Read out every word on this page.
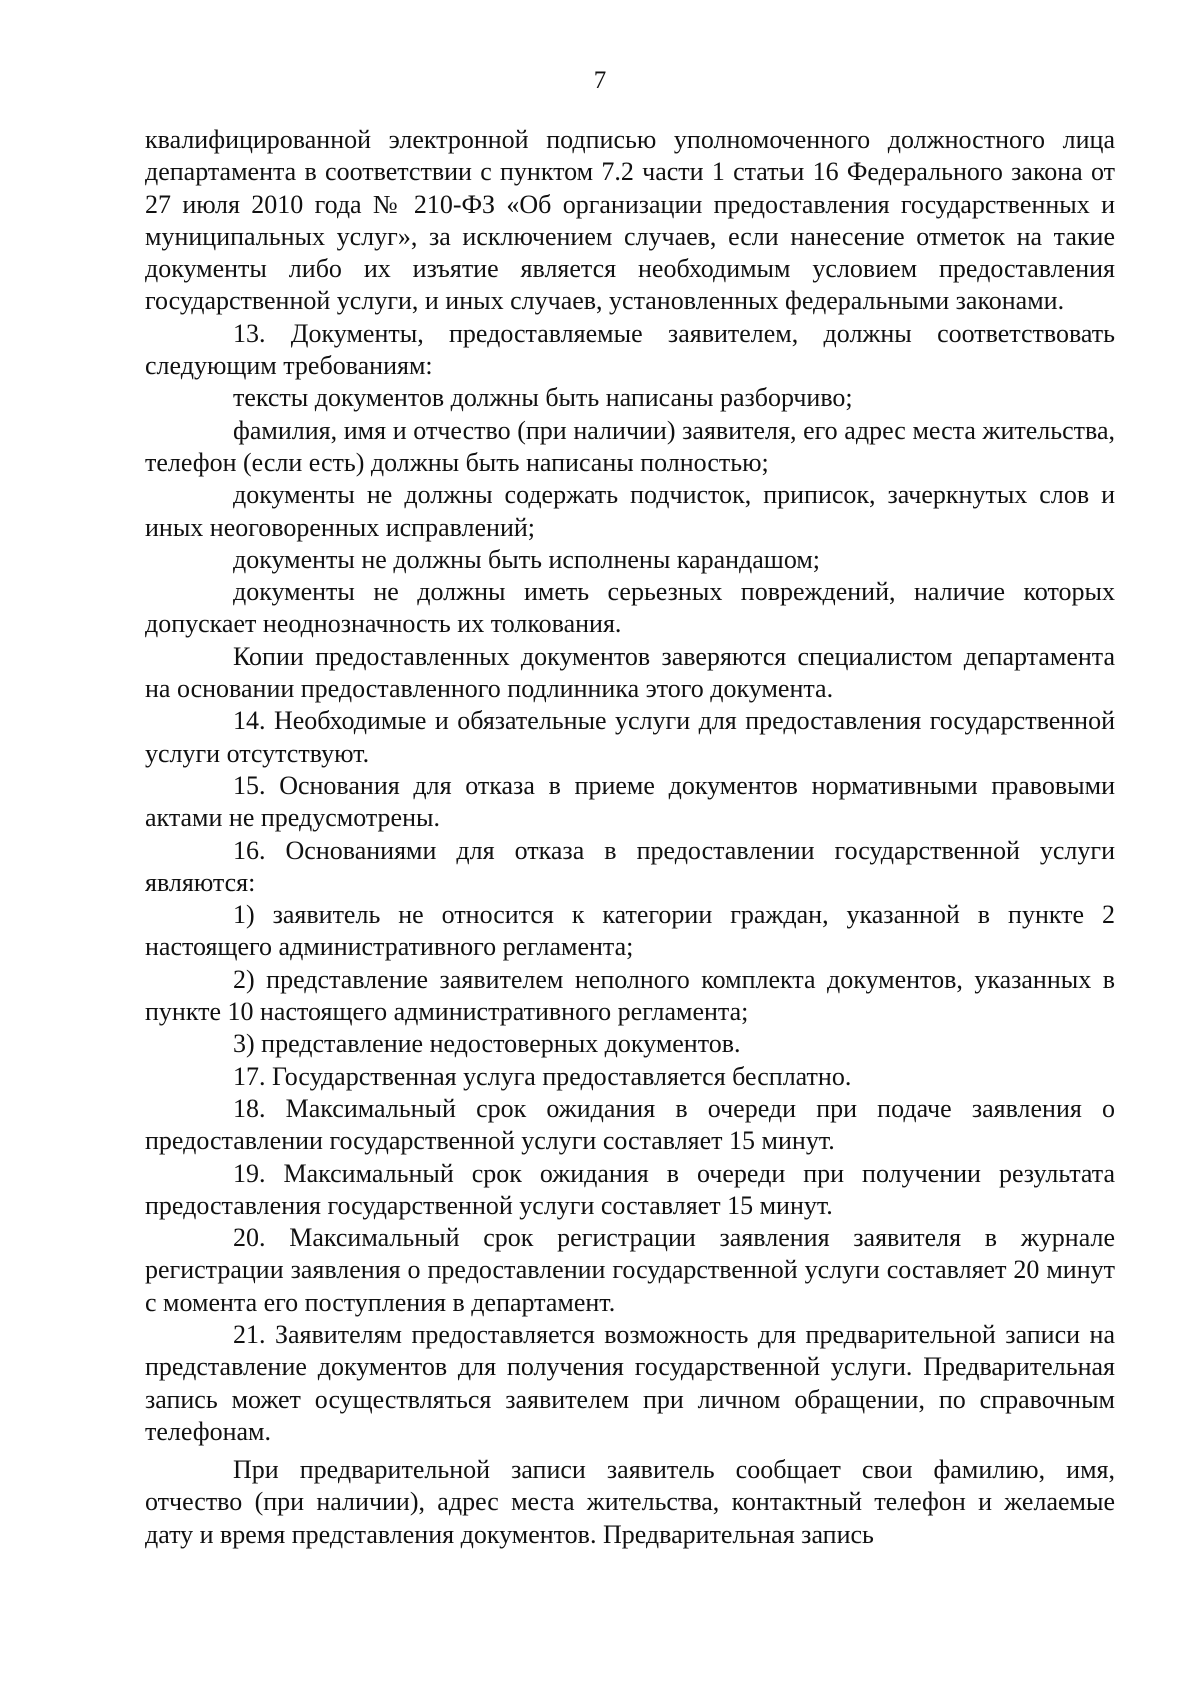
7

квалифицированной электронной подписью уполномоченного должностного лица департамента в соответствии с пунктом 7.2 части 1 статьи 16 Федерального закона от 27 июля 2010 года № 210-ФЗ «Об организации предоставления государственных и муниципальных услуг», за исключением случаев, если нанесение отметок на такие документы либо их изъятие является необходимым условием предоставления государственной услуги, и иных случаев, установленных федеральными законами.

13. Документы, предоставляемые заявителем, должны соответствовать следующим требованиям:

тексты документов должны быть написаны разборчиво;

фамилия, имя и отчество (при наличии) заявителя, его адрес места жительства, телефон (если есть) должны быть написаны полностью;

документы не должны содержать подчисток, приписок, зачеркнутых слов и иных неоговоренных исправлений;

документы не должны быть исполнены карандашом;

документы не должны иметь серьезных повреждений, наличие которых допускает неоднозначность их толкования.

Копии предоставленных документов заверяются специалистом департамента на основании предоставленного подлинника этого документа.

14. Необходимые и обязательные услуги для предоставления государственной услуги отсутствуют.

15. Основания для отказа в приеме документов нормативными правовыми актами не предусмотрены.

16. Основаниями для отказа в предоставлении государственной услуги являются:

1) заявитель не относится к категории граждан, указанной в пункте 2 настоящего административного регламента;

2) представление заявителем неполного комплекта документов, указанных в пункте 10 настоящего административного регламента;

3) представление недостоверных документов.

17. Государственная услуга предоставляется бесплатно.

18. Максимальный срок ожидания в очереди при подаче заявления о предоставлении государственной услуги составляет 15 минут.

19. Максимальный срок ожидания в очереди при получении результата предоставления государственной услуги составляет 15 минут.

20. Максимальный срок регистрации заявления заявителя в журнале регистрации заявления о предоставлении государственной услуги составляет 20 минут с момента его поступления в департамент.

21. Заявителям предоставляется возможность для предварительной записи на представление документов для получения государственной услуги. Предварительная запись может осуществляться заявителем при личном обращении, по справочным телефонам.

При предварительной записи заявитель сообщает свои фамилию, имя, отчество (при наличии), адрес места жительства, контактный телефон и желаемые дату и время представления документов. Предварительная запись
